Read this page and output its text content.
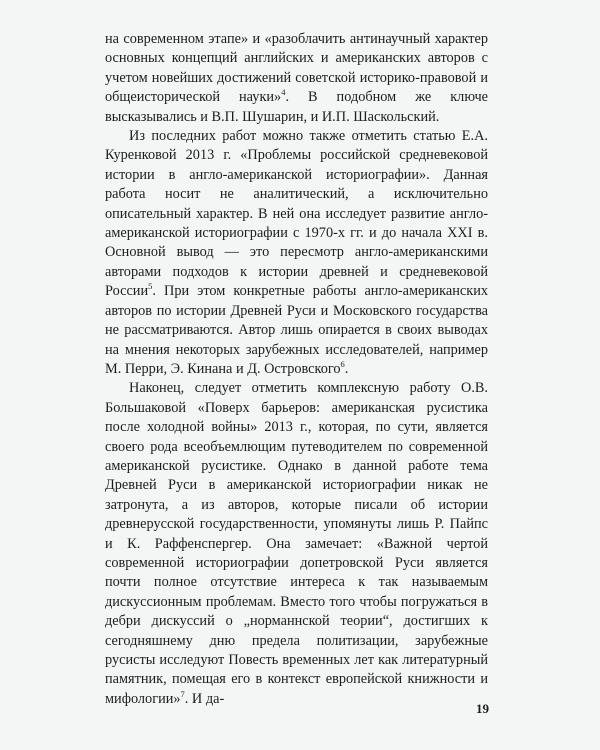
на современном этапе» и «разоблачить антинаучный характер основных концепций английских и американских авторов с учетом новейших достижений советской историко-правовой и общеисторической науки»$^4$. В подобном же ключе высказывались и В.П. Шушарин, и И.П. Шаскольский.

Из последних работ можно также отметить статью Е.А. Куренковой 2013 г. «Проблемы российской средневековой истории в англо-американской историографии». Данная работа носит не аналитический, а исключительно описательный характер. В ней она исследует развитие англо-американской историографии с 1970-х гг. и до начала XXI в. Основной вывод — это пересмотр англо-американскими авторами подходов к истории древней и средневековой России$^5$. При этом конкретные работы англо-американских авторов по истории Древней Руси и Московского государства не рассматриваются. Автор лишь опирается в своих выводах на мнения некоторых зарубежных исследователей, например М. Перри, Э. Кинана и Д. Островского$^6$.

Наконец, следует отметить комплексную работу О.В. Большаковой «Поверх барьеров: американская русистика после холодной войны» 2013 г., которая, по сути, является своего рода всеобъемлющим путеводителем по современной американской русистике. Однако в данной работе тема Древней Руси в американской историографии никак не затронута, а из авторов, которые писали об истории древнерусской государственности, упомянуты лишь Р. Пайпс и К. Раффенспергер. Она замечает: «Важной чертой современной историографии допетровской Руси является почти полное отсутствие интереса к так называемым дискуссионным проблемам. Вместо того чтобы погружаться в дебри дискуссий о „норманнской теории“, достигших к сегодняшнему дню предела политизации, зарубежные русисты исследуют Повесть временных лет как литературный памятник, помещая его в контекст европейской книжности и мифологии»$^7$. И да-

19
